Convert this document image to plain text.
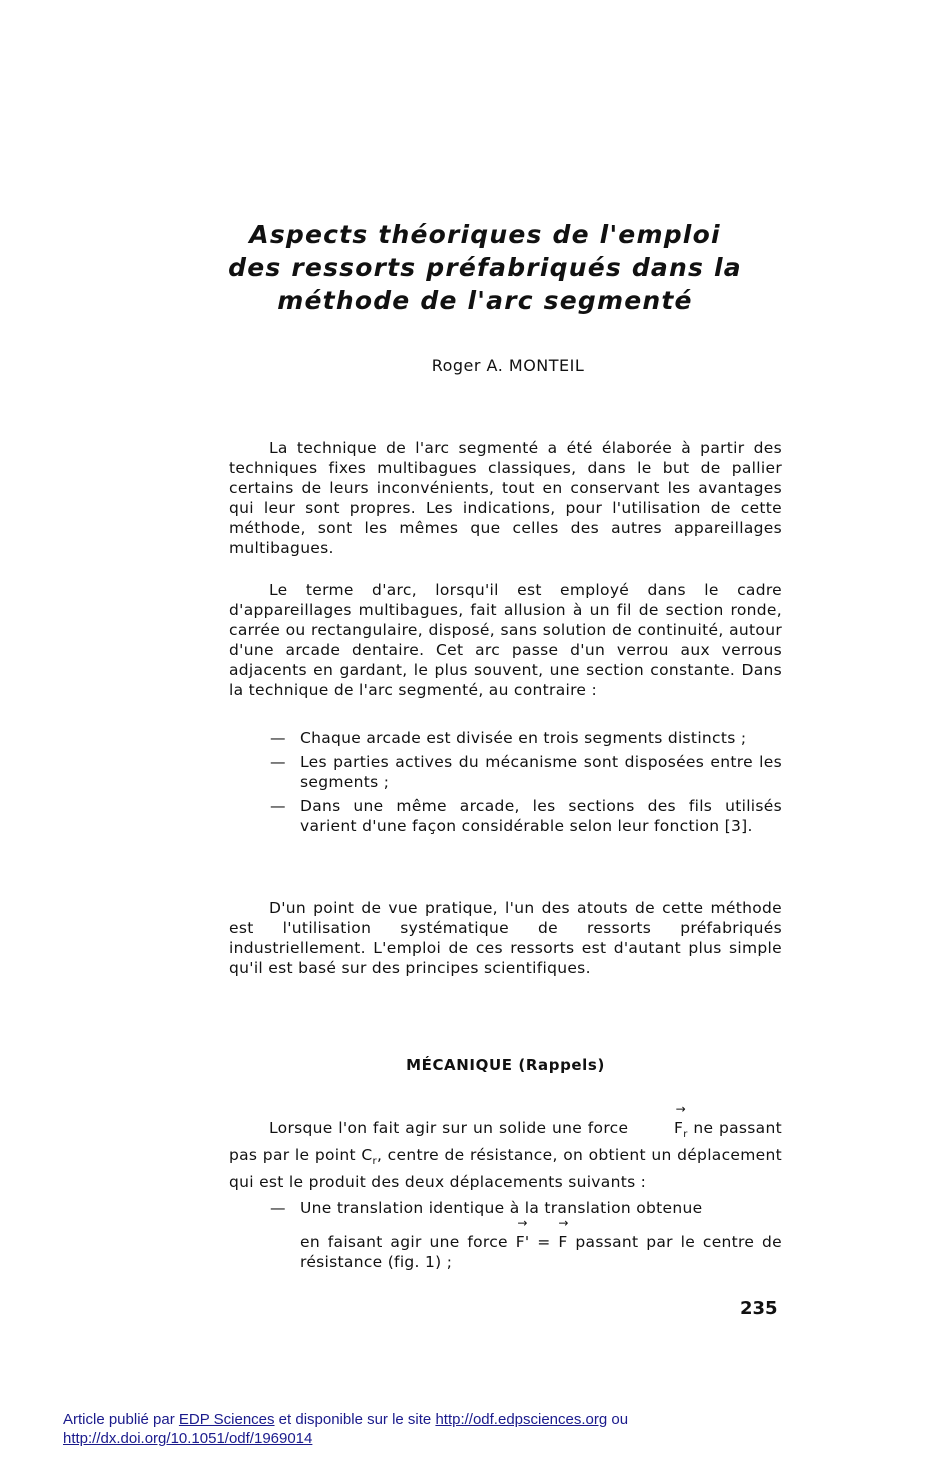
Aspects théoriques de l'emploi
des ressorts préfabriqués dans la
méthode de l'arc segmenté
Roger A. MONTEIL

La technique de l'arc segmenté a été élaborée à partir des techniques fixes multibagues classiques, dans le but de pallier certains de leurs inconvénients, tout en conservant les avantages qui leur sont propres. Les indications, pour l'utilisation de cette méthode, sont les mêmes que celles des autres appareillages multibagues.

Le terme d'arc, lorsqu'il est employé dans le cadre d'appareillages multibagues, fait allusion à un fil de section ronde, carrée ou rectangulaire, disposé, sans solution de continuité, autour d'une arcade dentaire. Cet arc passe d'un verrou aux verrous adjacents en gardant, le plus souvent, une section constante. Dans la technique de l'arc segmenté, au contraire :

— Chaque arcade est divisée en trois segments distincts ;
— Les parties actives du mécanisme sont disposées entre les segments ;
— Dans une même arcade, les sections des fils utilisés varient d'une façon considérable selon leur fonction [3].

D'un point de vue pratique, l'un des atouts de cette méthode est l'utilisation systématique de ressorts préfabriqués industriellement. L'emploi de ces ressorts est d'autant plus simple qu'il est basé sur des principes scientifiques.

MÉCANIQUE (Rappels)

Lorsque l'on fait agir sur un solide une force →	$F_r$ ne passant pas par le point $C_r$, centre de résistance, on obtient un déplacement qui est le produit des deux déplacements suivants :

— Une translation identique à la translation obtenue
en faisant agir une force → F' = → F passant par le centre de résistance (fig. 1) ;
235
Article publié par EDP Sciences et disponible sur le site http://odf.edpsciences.org ou
http://dx.doi.org/10.1051/odf/1969014
